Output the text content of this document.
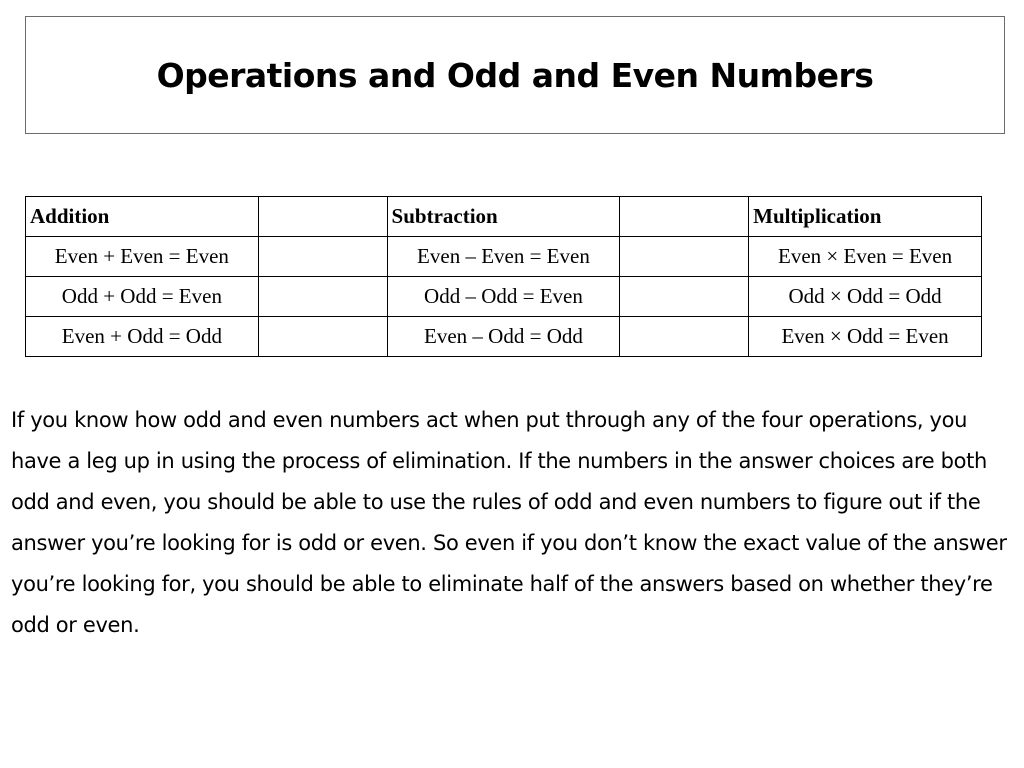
Operations and Odd and Even Numbers
Addition		Subtraction		Multiplication
Even + Even = Even		Even – Even = Even		Even × Even = Even
Odd + Odd = Even		Odd – Odd = Even		Odd × Odd = Odd
Even + Odd = Odd		Even – Odd = Odd		Even × Odd = Even
If you know how odd and even numbers act when put through any of the four operations, you have a leg up in using the process of elimination. If the numbers in the answer choices are both odd and even, you should be able to use the rules of odd and even numbers to figure out if the answer you’re looking for is odd or even. So even if you don’t know the exact value of the answer you’re looking for, you should be able to eliminate half of the answers based on whether they’re odd or even.
